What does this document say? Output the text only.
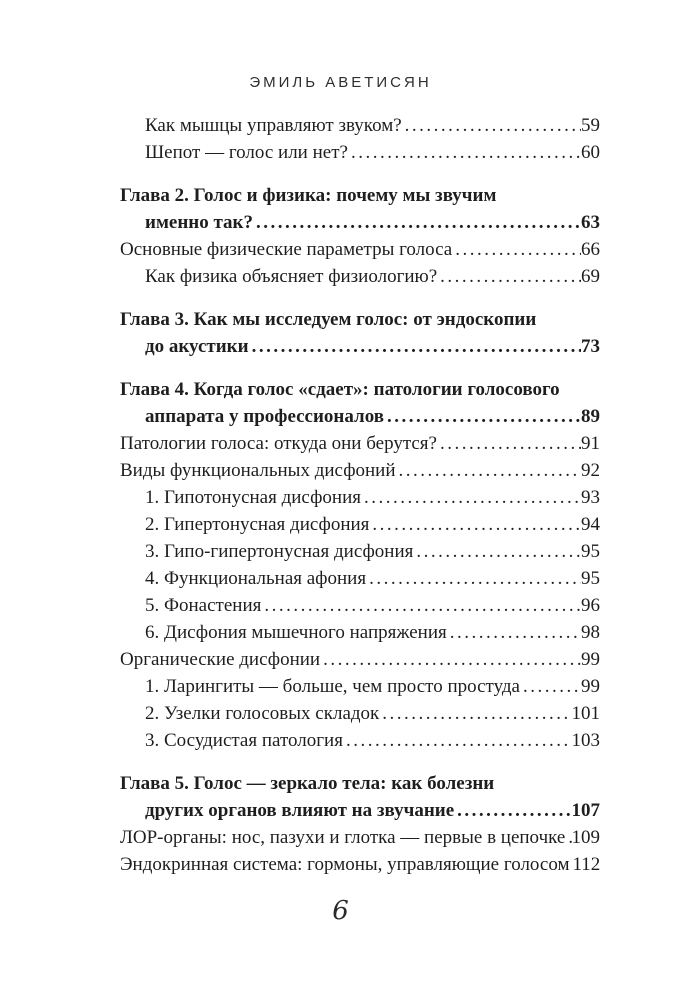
ЭМИЛЬ АВЕТИСЯН
Как мышцы управляют звуком? .....	59
Шепот — голос или нет? .....	60
Глава 2. Голос и физика: почему мы звучим
именно так? .....	63
Основные физические параметры голоса .....	66
Как физика объясняет физиологию? .....	69
Глава 3. Как мы исследуем голос: от эндоскопии
до акустики .....	73
Глава 4. Когда голос «сдает»: патологии голосового
аппарата у профессионалов .....	89
Патологии голоса: откуда они берутся? .....	91
Виды функциональных дисфоний .....	92
1. Гипотонусная дисфония .....	93
2. Гипертонусная дисфония .....	94
3. Гипо-гипертонусная дисфония .....	95
4. Функциональная афония .....	95
5. Фонастения .....	96
6. Дисфония мышечного напряжения .....	98
Органические дисфонии .....	99
1. Ларингиты — больше, чем просто простуда .....	99
2. Узелки голосовых складок .....	101
3. Сосудистая патология .....	103
Глава 5. Голос — зеркало тела: как болезни
других органов влияют на звучание .....	107
ЛОР-органы: нос, пазухи и глотка — первые в цепочке ..... 109
Эндокринная система: гормоны, управляющие голосом 112
6
